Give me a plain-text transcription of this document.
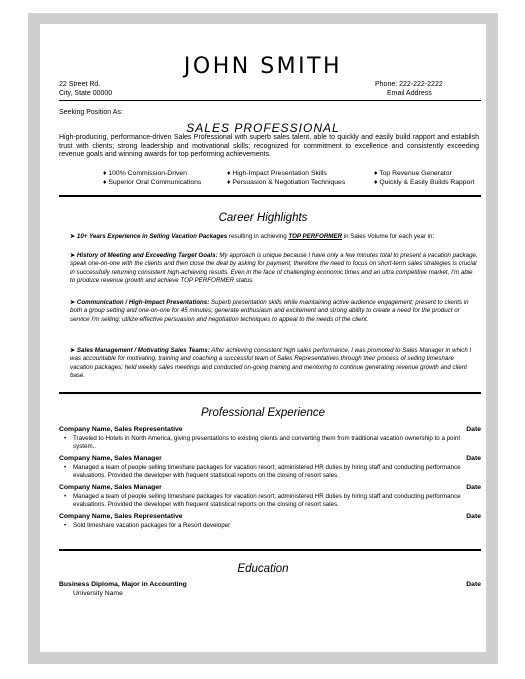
JOHN SMITH
22 Street Rd.
City, State 00000
Phone: 222-222-2222
Email Address
Seeking Position As:
SALES PROFESSIONAL
High-producing, performance-driven Sales Professional with superb sales talent, able to quickly and easily build rapport and establish trust with clients; strong leadership and motivational skills; recognized for commitment to excellence and consistently exceeding revenue goals and winning awards for top performing achievements.
♦ 100% Commission-Driven	♦ High-Impact Presentation Skills	♦ Top Revenue Generator
♦ Superior Oral Communications	♦ Persuasion & Negotiation Techniques	♦ Quickly & Easily Builds Rapport
Career Highlights
➤ 10+ Years Experience in Selling Vacation Packages resulting in achieving TOP PERFORMER in Sales Volume for each year in:
➤ History of Meeting and Exceeding Target Goals: My approach is unique because I have only a few minutes total to present a vacation package, speak one-on-one with the clients and then close the deal by asking for payment; therefore the need to focus on short-term sales strategies is crucial in successfully returning consistent high-achieving results. Even in the face of challenging economic times and an ultra competitive market, I'm able to produce revenue growth and achieve TOP PERFORMER status.
➤ Communication / High-Impact Presentations: Superb presentation skills while maintaining active audience engagement; present to clients in both a group setting and one-on-one for 45 minutes; generate enthusiasm and excitement and strong ability to create a need for the product or service I'm selling; utilize effective persuasion and negotiation techniques to appeal to the needs of the client.
➤ Sales Management / Motivating Sales Teams: After achieving consistent high sales performance, I was promoted to Sales Manager in which I was accountable for motivating, training and coaching a successful team of Sales Representatives through their process of selling timeshare vacation packages; held weekly sales meetings and conducted on-going training and mentoring to continue generating revenue growth and client base.
Professional Experience
Company Name, Sales Representative	Date
• Traveled to Hotels in North America, giving presentations to existing clients and converting them from traditional vacation ownership to a point system..
Company Name, Sales Manager	Date
• Managed a team of people selling timeshare packages for vacation resort; administered HR duties by hiring staff and conducting performance evaluations. Provided the developer with frequent statistical reports on the closing of resort sales.
Company Name, Sales Manager	Date
• Managed a team of people selling timeshare packages for vacation resort; administered HR duties by hiring staff and conducting performance evaluations. Provided the developer with frequent statistical reports on the closing of resort sales.
Company Name, Sales Representative	Date
• Sold timeshare vacation packages for a Resort developer
Education
Business Diploma, Major in Accounting	Date
University Name
